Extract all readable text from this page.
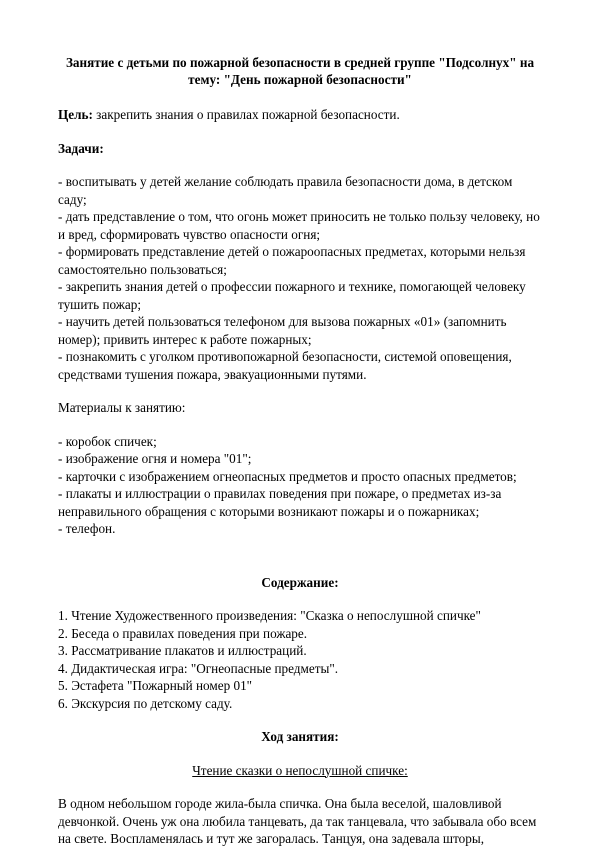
Занятие с детьми по пожарной безопасности в средней группе "Подсолнух" на
тему: "День пожарной безопасности"
Цель: закрепить знания о правилах пожарной безопасности.
Задачи:
- воспитывать у детей желание соблюдать правила безопасности дома, в детском саду;
- дать представление о том, что огонь может приносить не только пользу человеку, но и вред, сформировать чувство опасности огня;
- формировать представление детей о пожароопасных предметах, которыми нельзя самостоятельно пользоваться;
- закрепить знания детей о профессии пожарного и технике, помогающей человеку тушить пожар;
- научить детей пользоваться телефоном для вызова пожарных «01» (запомнить номер); привить интерес к работе пожарных;
- познакомить с уголком противопожарной безопасности, системой оповещения, средствами тушения пожара, эвакуационными путями.
Материалы к занятию:
- коробок спичек;
- изображение огня и номера "01";
- карточки с изображением огнеопасных предметов и просто опасных предметов;
- плакаты и иллюстрации о правилах поведения при пожаре, о предметах из-за неправильного обращения с которыми возникают пожары и о пожарниках;
- телефон.
Содержание:
1. Чтение Художественного произведения: "Сказка о непослушной спичке"
2. Беседа о правилах поведения при пожаре.
3. Рассматривание плакатов и иллюстраций.
4. Дидактическая игра: "Огнеопасные предметы".
5. Эстафета "Пожарный номер 01"
6. Экскурсия по детскому саду.
Ход занятия:
Чтение сказки о непослушной спичке:
В одном небольшом городе жила-была спичка. Она была веселой, шаловливой девчонкой. Очень уж она любила танцевать, да так танцевала, что забывала обо всем на свете. Воспламенялась и тут же загоралась. Танцуя, она задевала шторы,
